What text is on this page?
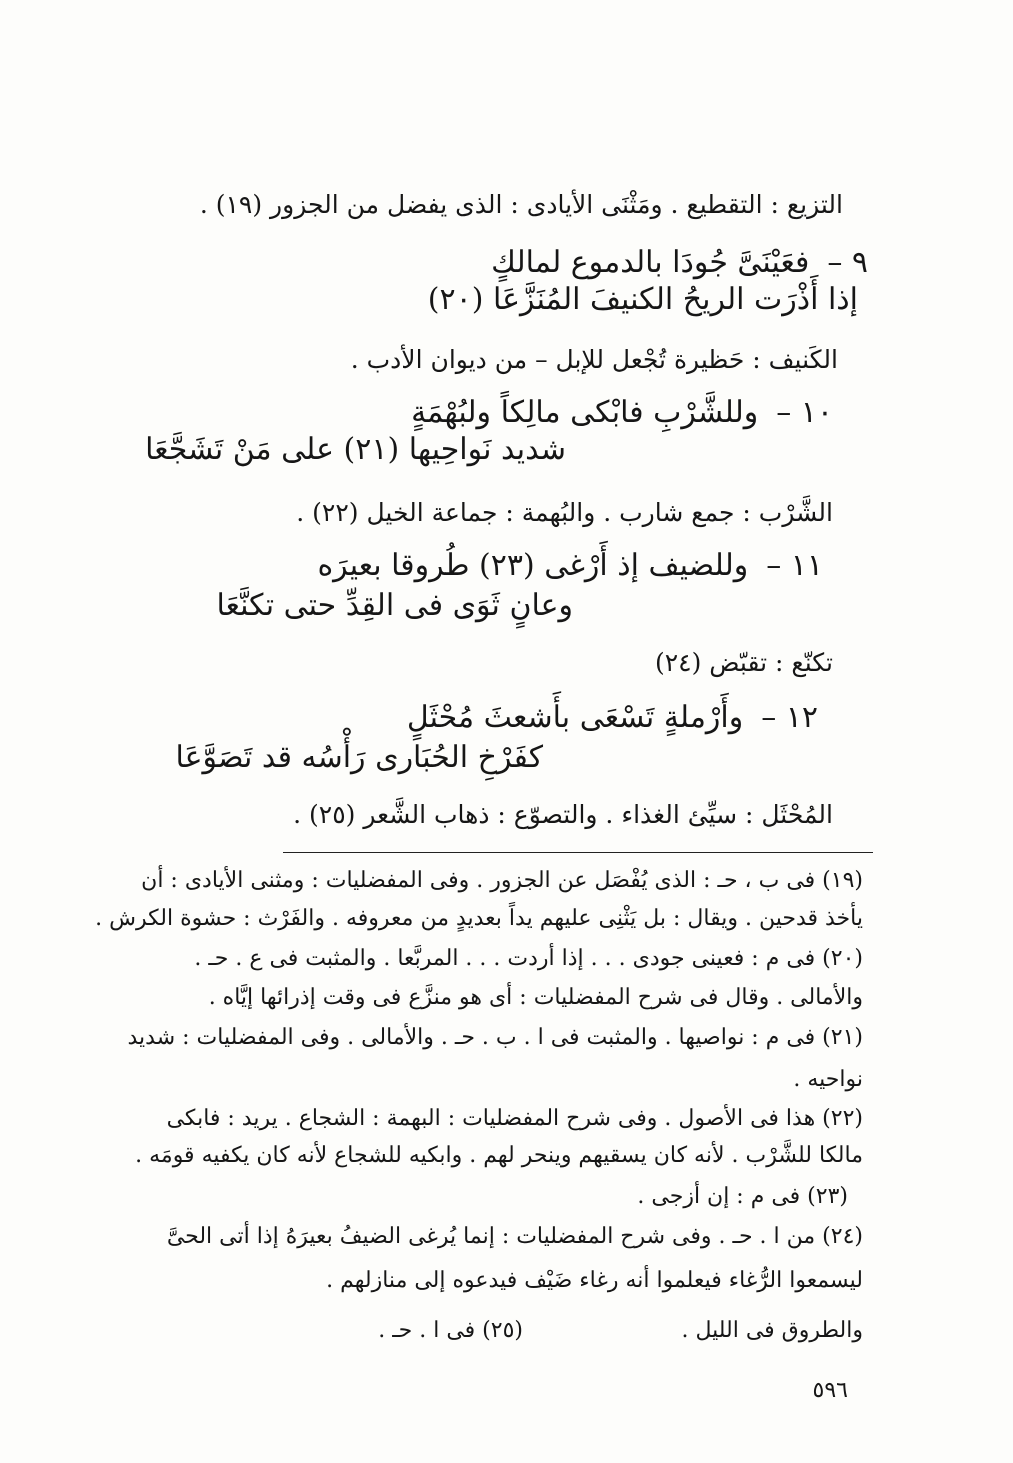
التزيع : التقطيع . ومَثْنَى الأيادى : الذى يفضل من الجزور (١٩) .
٩ –فعَيْنَىَّ جُودَا بالدموع لمالكٍ
إذا أَذْرَت الريحُ الكنيفَ المُنَزَّعَا (٢٠)
الكَنيف : حَظيرة تُجْعل للإبل – من ديوان الأدب .
١٠ –وللشَّرْبِ فابْكى مالِكاً ولبُهْمَةٍ
شديد نَواحِيها (٢١) على مَنْ تَشَجَّعَا
الشَّرْب : جمع شارب . والبُهمة : جماعة الخيل (٢٢) .
١١ –وللضيف إذ أَرْغى (٢٣) طُروقا بعيرَه
وعانٍ ثَوَى فى القِدِّ حتى تكنَّعَا
تكنّع : تقبّض (٢٤)
١٢ –وأَرْملةٍ تَسْعَى بأَشعثَ مُحْثَلٍ
كفَرْخِ الحُبَارى رَأْسُه قد تَصَوَّعَا
المُحْثَل : سيِّئ الغذاء . والتصوّع : ذهاب الشَّعر (٢٥) .
(١٩) فى ب ، حـ : الذى يُفْصَل عن الجزور . وفى المفضليات : ومثنى الأيادى : أن
يأخذ قدحين . ويقال : بل يَثْنِى عليهم يداً بعديدٍ من معروفه . والفَرْث : حشوة الكرش .
(٢٠) فى م : فعينى جودى . . . إذا أردت . . . المربَّعا . والمثبت فى ع . حـ .
والأمالى . وقال فى شرح المفضليات : أى هو منزَّع فى وقت إذرائها إيَّاه .
(٢١) فى م : نواصيها . والمثبت فى ا . ب . حـ . والأمالى . وفى المفضليات : شديد
نواحيه .
(٢٢) هذا فى الأصول . وفى شرح المفضليات : البهمة : الشجاع . يريد : فابكى
مالكا للشَّرْب . لأنه كان يسقيهم وينحر لهم . وابكيه للشجاع لأنه كان يكفيه قومَه .
(٢٣) فى م : إن أزجى .
(٢٤) من ا . حـ . وفى شرح المفضليات : إنما يُرغى الضيفُ بعيرَهُ إذا أتى الحىَّ
ليسمعوا الرُّغاء فيعلموا أنه رغاء ضَيْف فيدعوه إلى منازلهم .
والطروق فى الليل .
(٢٥) فى ا . حـ .
٥٩٦
